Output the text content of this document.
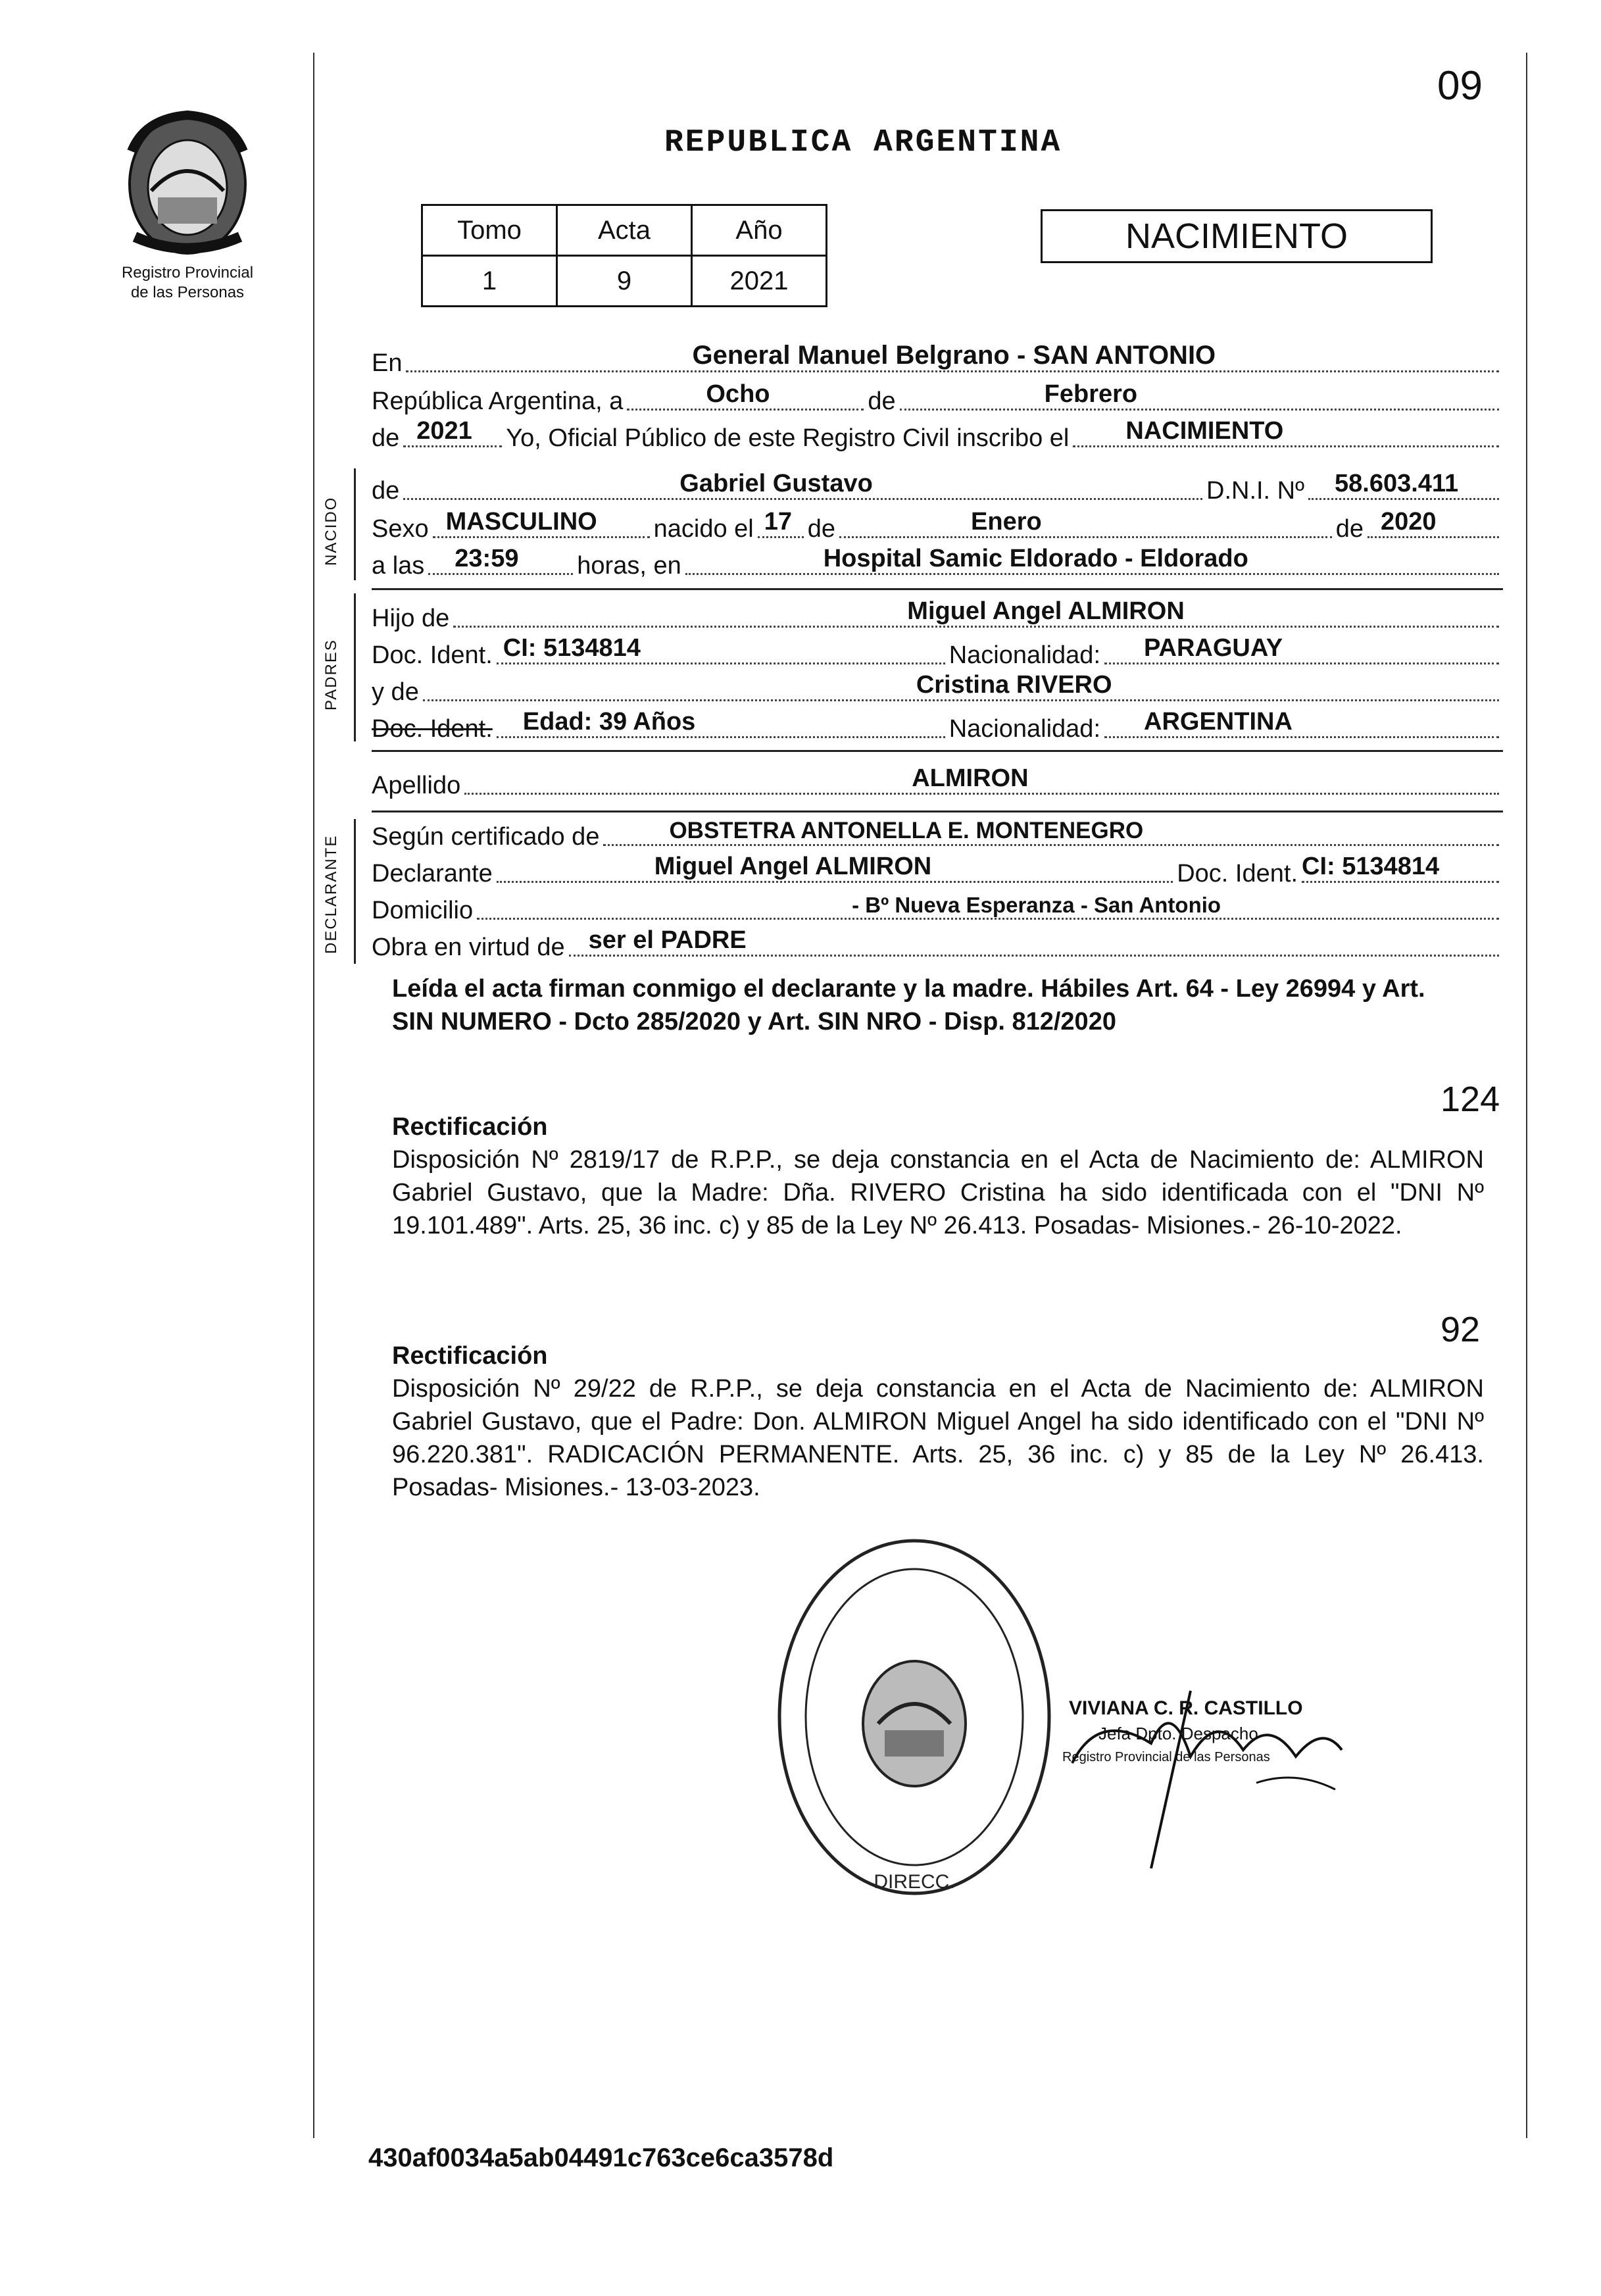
09
Registro Provincial
de las Personas
REPUBLICA ARGENTINA
Tomo	Acta	Año
1	9	2021
NACIMIENTO
En	General Manuel Belgrano - SAN ANTONIO
República Argentina, a	Ocho	de	Febrero
de 2021 Yo, Oficial Público de este Registro Civil inscribo el NACIMIENTO
NACIDO
de	Gabriel Gustavo	D.N.I. Nº 58.603.411
Sexo MASCULINO nacido el 17 de	Enero	de 2020
a las 23:59 horas, en	Hospital Samic Eldorado - Eldorado
PADRES
Hijo de	Miguel Angel ALMIRON
Doc. Ident. CI: 5134814	Nacionalidad: PARAGUAY
y de	Cristina RIVERO
Doc. Ident. Edad: 39 Años	Nacionalidad: ARGENTINA
Apellido	ALMIRON
DECLARANTE Según certificado de	OBSTETRA ANTONELLA E. MONTENEGRO
Declarante	Miguel Angel ALMIRON	Doc. Ident. CI: 5134814
Domicilio	- Bº Nueva Esperanza - San Antonio
Obra en virtud de ser el PADRE
Leída el acta firman conmigo el declarante y la madre. Hábiles Art. 64 - Ley 26994 y Art. SIN NUMERO - Dcto 285/2020 y Art. SIN NRO - Disp. 812/2020
124
Rectificación
Disposición Nº 2819/17 de R.P.P., se deja constancia en el Acta de Nacimiento de: ALMIRON Gabriel Gustavo, que la Madre: Dña. RIVERO Cristina ha sido identificada con el "DNI Nº 19.101.489". Arts. 25, 36 inc. c) y 85 de la Ley Nº 26.413. Posadas- Misiones.- 26-10-2022.
92
Rectificación
Disposición Nº 29/22 de R.P.P., se deja constancia en el Acta de Nacimiento de: ALMIRON Gabriel Gustavo, que el Padre: Don. ALMIRON Miguel Angel ha sido identificado con el "DNI Nº 96.220.381". RADICACIÓN PERMANENTE. Arts. 25, 36 inc. c) y 85 de la Ley Nº 26.413. Posadas- Misiones.- 13-03-2023.
DIRECC.
VIVIANA C. R. CASTILLO
Jefa Dpto. Despacho
Registro Provincial de las Personas
430af0034a5ab04491c763ce6ca3578d
